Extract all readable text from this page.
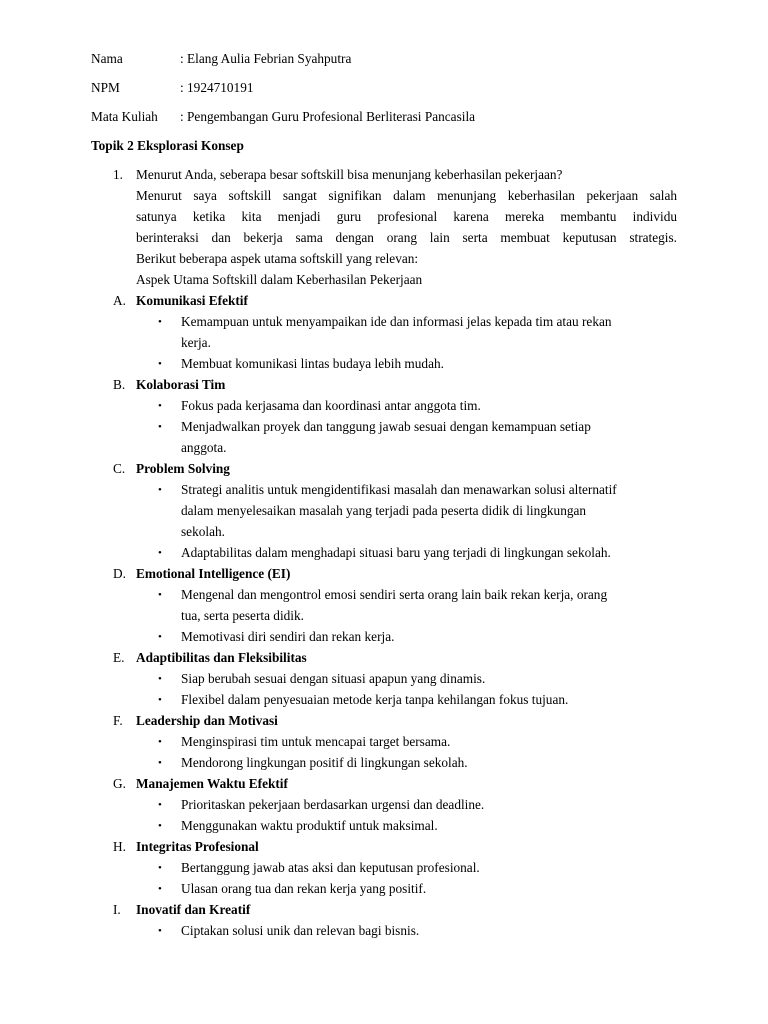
Nama	: Elang Aulia Febrian Syahputra
NPM	: 1924710191
Mata Kuliah : Pengembangan Guru Profesional Berliterasi Pancasila
Topik 2 Eksplorasi Konsep
1. Menurut Anda, seberapa besar softskill bisa menunjang keberhasilan pekerjaan?
Menurut saya softskill sangat signifikan dalam menunjang keberhasilan pekerjaan salah
satunya ketika kita menjadi guru profesional karena mereka membantu individu
berinteraksi dan bekerja sama dengan orang lain serta membuat keputusan strategis.
Berikut beberapa aspek utama softskill yang relevan:
Aspek Utama Softskill dalam Keberhasilan Pekerjaan
A. Komunikasi Efektif
• Kemampuan untuk menyampaikan ide dan informasi jelas kepada tim atau rekan
kerja.
• Membuat komunikasi lintas budaya lebih mudah.
B. Kolaborasi Tim
• Fokus pada kerjasama dan koordinasi antar anggota tim.
• Menjadwalkan proyek dan tanggung jawab sesuai dengan kemampuan setiap
anggota.
C. Problem Solving
• Strategi analitis untuk mengidentifikasi masalah dan menawarkan solusi alternatif
dalam menyelesaikan masalah yang terjadi pada peserta didik di lingkungan
sekolah.
• Adaptabilitas dalam menghadapi situasi baru yang terjadi di lingkungan sekolah.
D. Emotional Intelligence (EI)
• Mengenal dan mengontrol emosi sendiri serta orang lain baik rekan kerja, orang
tua, serta peserta didik.
• Memotivasi diri sendiri dan rekan kerja.
E. Adaptibilitas dan Fleksibilitas
• Siap berubah sesuai dengan situasi apapun yang dinamis.
• Flexibel dalam penyesuaian metode kerja tanpa kehilangan fokus tujuan.
F. Leadership dan Motivasi
• Menginspirasi tim untuk mencapai target bersama.
• Mendorong lingkungan positif di lingkungan sekolah.
G. Manajemen Waktu Efektif
• Prioritaskan pekerjaan berdasarkan urgensi dan deadline.
• Menggunakan waktu produktif untuk maksimal.
H. Integritas Profesional
• Bertanggung jawab atas aksi dan keputusan profesional.
• Ulasan orang tua dan rekan kerja yang positif.
I. Inovatif dan Kreatif
• Ciptakan solusi unik dan relevan bagi bisnis.
